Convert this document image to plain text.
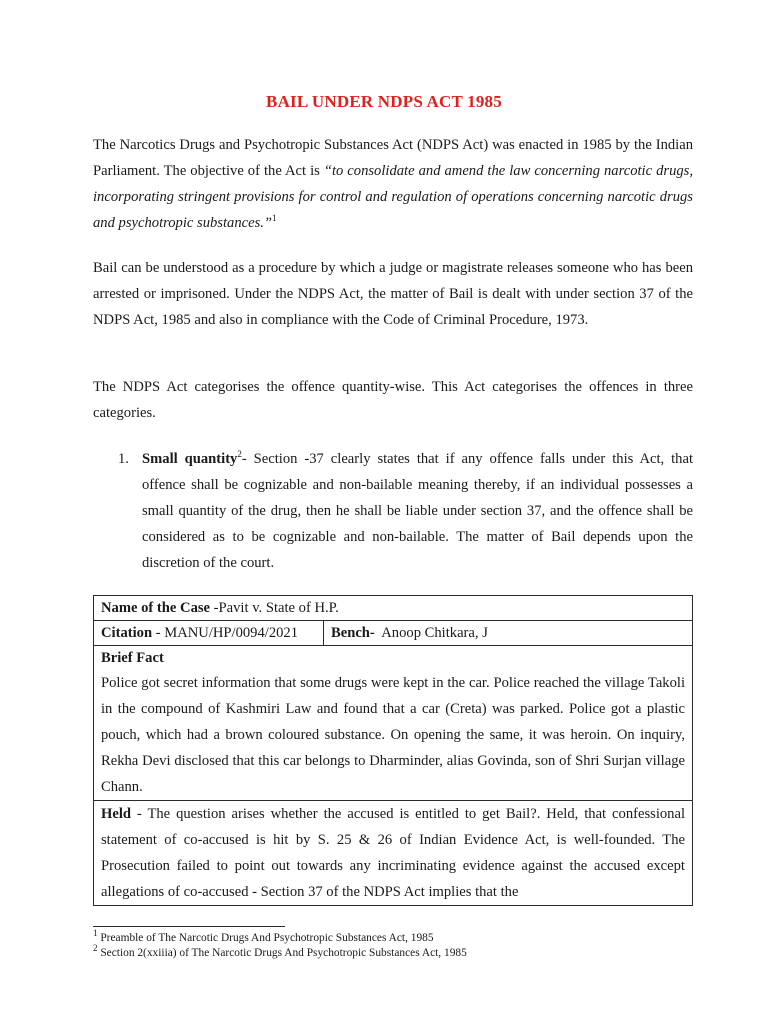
BAIL UNDER NDPS ACT 1985

The Narcotics Drugs and Psychotropic Substances Act (NDPS Act) was enacted in 1985 by the Indian Parliament. The objective of the Act is “to consolidate and amend the law concerning narcotic drugs, incorporating stringent provisions for control and regulation of operations concerning narcotic drugs and psychotropic substances.”$^1$

Bail can be understood as a procedure by which a judge or magistrate releases someone who has been arrested or imprisoned. Under the NDPS Act, the matter of Bail is dealt with under section 37 of the NDPS Act, 1985 and also in compliance with the Code of Criminal Procedure, 1973.

The NDPS Act categorises the offence quantity-wise. This Act categorises the offences in three categories.

1. Small quantity$^2$- Section -37 clearly states that if any offence falls under this Act, that offence shall be cognizable and non-bailable meaning thereby, if an individual possesses a small quantity of the drug, then he shall be liable under section 37, and the offence shall be considered as to be cognizable and non-bailable. The matter of Bail depends upon the discretion of the court.

Name of the Case -Pavit v. State of H.P.
Citation - MANU/HP/0094/2021	Bench-  Anoop Chitkara, J
Brief Fact

Police got secret information that some drugs were kept in the car. Police reached the village Takoli in the compound of Kashmiri Law and found that a car (Creta) was parked. Police got a plastic pouch, which had a brown coloured substance. On opening the same, it was heroin. On inquiry, Rekha Devi disclosed that this car belongs to Dharminder, alias Govinda, son of Shri Surjan village Chann.

Held - The question arises whether the accused is entitled to get Bail?. Held, that confessional statement of co-accused is hit by S. 25 & 26 of Indian Evidence Act, is well-founded. The Prosecution failed to point out towards any incriminating evidence against the accused except allegations of co-accused - Section 37 of the NDPS Act implies that the

$^1$ Preamble of The Narcotic Drugs And Psychotropic Substances Act, 1985
$^2$ Section 2(xxiiia) of The Narcotic Drugs And Psychotropic Substances Act, 1985
